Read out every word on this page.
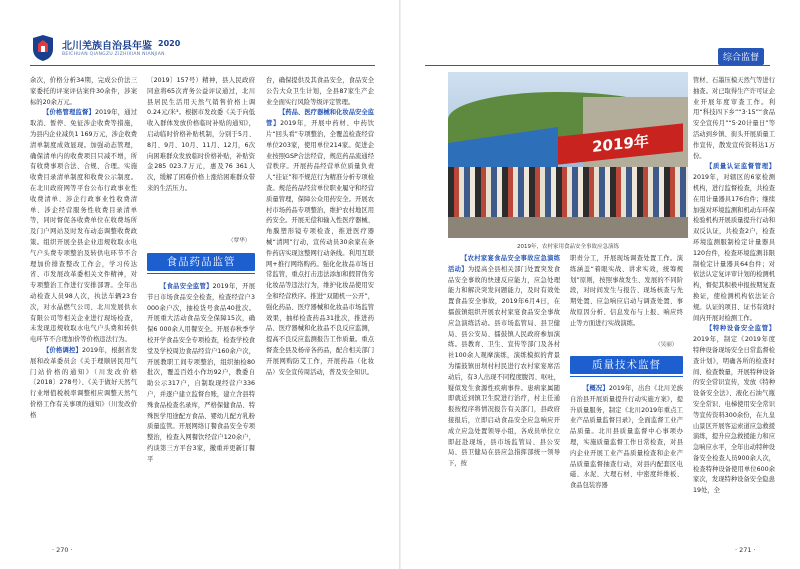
北川羌族自治县年鉴 2020
BEICHUAN QIANGZU ZIZHIXIAN NIANJIAN

余次，价格分析34期，完成公价法三家委托的评案评估案件30余件，涉案标的20余万元。

【价格管理监督】2019年，通过取消、暂停、免征涉企收费等措施，为县内企业减负1 169万元，涉企收费清单制度成效显现。加强动态管理，确保清单内的收费项目只减不增，所有收费事项合法、合规、合理。实施收费目录清单制度和收费公示制度。在北川政府网等平台公布行政事业性收费清单、涉企行政事业性收费清单、涉企经营服务性收费目录清单等，同时督促各收费单位在收费场所及门户网站及时发布动态调整收费政策。组织开展全县企业违规收取水电气户头费专项整治及转供电环节不合理加价排查整改工作会，学习传达省、市发展改革委相关文件精神，对专项整治工作进行安排部署。全年出动检查人员98人次，执法车辆23台次，对水晶燃气公司、北川发展供水有限公司等相关企业进行现场检查，未发现违规收取水电气户头费和转供电环节不合理加价等价格违法行为。

【价格调控】2019年，根据省发展和改革委员会《关于理顺居民用气门站价格的通知》（川发改价格〔2018〕278号）、《关于做好天然气行业增值税税率调整相应调整天然气价格工作有关事项的通知》（川发改价格

〔2019〕157号）精神，县人民政府同意将65次青务公益评议通过，北川县居民生活用天然气销售价格上调0.24元/米³。根据市发改委《关于向低收入群体发放价格临时补贴的通知》，启动临时价格补贴机制，分别于5月、8月、9月、10月、11月、12月，6次向困难群众发放临时价格补贴，补贴资金285 023.7万元，惠及76 361人次，缓解了困难价格上涨给困难群众带来的生活压力。

（覃华）
食品药品监管

【食品安全监管】2019年，开展节日市场食品安全检查，检查经营户3 000余户次，抽检货号食品40批次。开展重大活动食品安全保障15次，确保6 000余人用餐安全。开展春秋季学校开学食品安全专项检查，检查学校食堂及学校周边食品经营户160余户次，开展教职工间专项整治，组织抽检80批次，覆盖百姓小作坊92户，教委自助公示317户，自制取现经营户336户，并逐户建立监督台账，建立含县特殊食品检查名录库，严格保健食品、特殊医学用途配方食品、婴幼儿配方乳粉质量监管。开展网络订餐食品安全专项整治，检查入网餐饮经营户120余户，约谈第三方平台3家，撤重并更新订餐平

台，确保提供及其食品安全，食品安全公告大众卫生计划，全县87家生产企业全面实行风险等级评定管理。

【药品、医疗器械和化妆品安全监管】2019年，开展中药材、中药饮片“回头看”专项整治，全覆盖检查经营单位203家，使用单位214家。促进企业按照GSP合法经营，规范药品流通经营秩序。开展药品经营单位质量负责人“挂证”和不规范行为精准分析专项检查。规范药品经营单位职业履守和经营质量管理，保障公众用药安全。开展农村市场药品专项整治，维护农村地区用药安全。开展无偿和输入性医疗器械、角膜塑形镜专项检查，推进医疗器械“清网”行动，宣传动员30余家在条件药店实现这整网行动条线。利用互联网+推行网络购药。强化化妆品市场日常监管，重点打击违法添加和假冒伪劣化妆品等违法行为，维护化妆品使用安全和经营秩序。推进“双随机一公开”，强化药品、医疗器械和化妆品市场监管效果，抽样检查药品31批次，推进药品、医疗器械和化妆品不良反应监测，提高不良反应监测报告工作质量。重点督查全县及杨帝各药品，配合相关部门开展网购防艾工作，开展药品（化妆品）安全宣传周活动，普及安全知识。

· 270 ·
综合监督
2019年
2019年，农村家用食品安全事故应急演练

【农村家宴食品安全事故应急演练活动】为提高全县相关部门处置突发食品安全事故的快速反应能力，应急处理能力和解决突发问题能力，及时有效处置食品安全事故，2019年6月4日，在擂鼓镇组织开展农村家宴食品安全事故应急演练活动。县市场监管局、县卫健局、县公安局、擂鼓镇人民政府参加演练。县教育、卫生、宣传等部门及各村社100余人观摩演练，演练模拟的背景为擂鼓镇田坝村村民进行农村家宴席活动后，有3人出现不同程度腹泻、呕吐，疑似发生食源性疾病事件。患病家属随即就近到镇卫生院进行治疗，村主任通报按程序将情况报告有关部门，县政府接报后，立即启动食品安全应急响应开成立应急处置领导小组，各成员单位立即赶赴现场，县市场监管局、县公安局、县卫健局在县应急指挥部统一领导下，按

职责分工，开展现场调查处置工作。演练涵盖“着眼实战、讲求实效，统筹规划”原则，按照事故发生、发展的不同阶段，对时间发生与报告、现场核查与先期处置、应急响应启动与调查处置、事故原因分析、信息发布与上报、响应终止等方面进行实战演练。

（吴丽）
质量技术监督

【概况】2019年，出台《北川羌族自治县开展质量提升行动实施方案》，提升质量服务，制定《北川2019年重点工业产品质量监督目录》，全面监督工业产品质量。北川县质量监督中心事项办理，实施质量监督工作日常检查，对县内企业开展工业产品质量检查和企业产品质量监督抽查行动，对县内配套区电磁、水泥、大理石材、中密度纤维板、食品包装容器

管材、石墨压模天然气等进行抽查。对已取得生产许可证企业开展年度审查工作。利用“科技四下乡”“3·15”“食品安全宣传月”“5·20计量日”等活动到乡镇、街头开展质量工作宣传，散发宣传资料达1万份。

【质量认证监督管理】2019年，对辖区的6家检测机构，进行监督检查，共检查在用计量器具176台件；继续加强对环境监测和机动车环保检验机构开展质量提升行动和双反认证，共检查2户，检查环境监测服制检定计量器具120台件，检查环境监测非限制检定计量器具64台件；对依法认定复评审计划的检测机构，督促其积极申报按期复查换证，使检测机构依法证合规。认证的项目、证书有效时间内开展对检测工作。

【特种设备安全监管】2019年，制定《2019年度特种设备现场安全日常监督检查计划》，明确各所的检查时间、检查数量，开展特种设备的安全常识宣传，发放《特种设备安全法》、液化石油气瓶安全常识、电梯使用安全常识等宣传资料300余份，在九皇山景区开展客运索道应急救援演练，提升应急救援能力和应急响应水平，全年出动特种设备安全检查人员900余人次，检查特种设备使用单位600余家次，发现特种设备安全隐患19处，全

· 271 ·
